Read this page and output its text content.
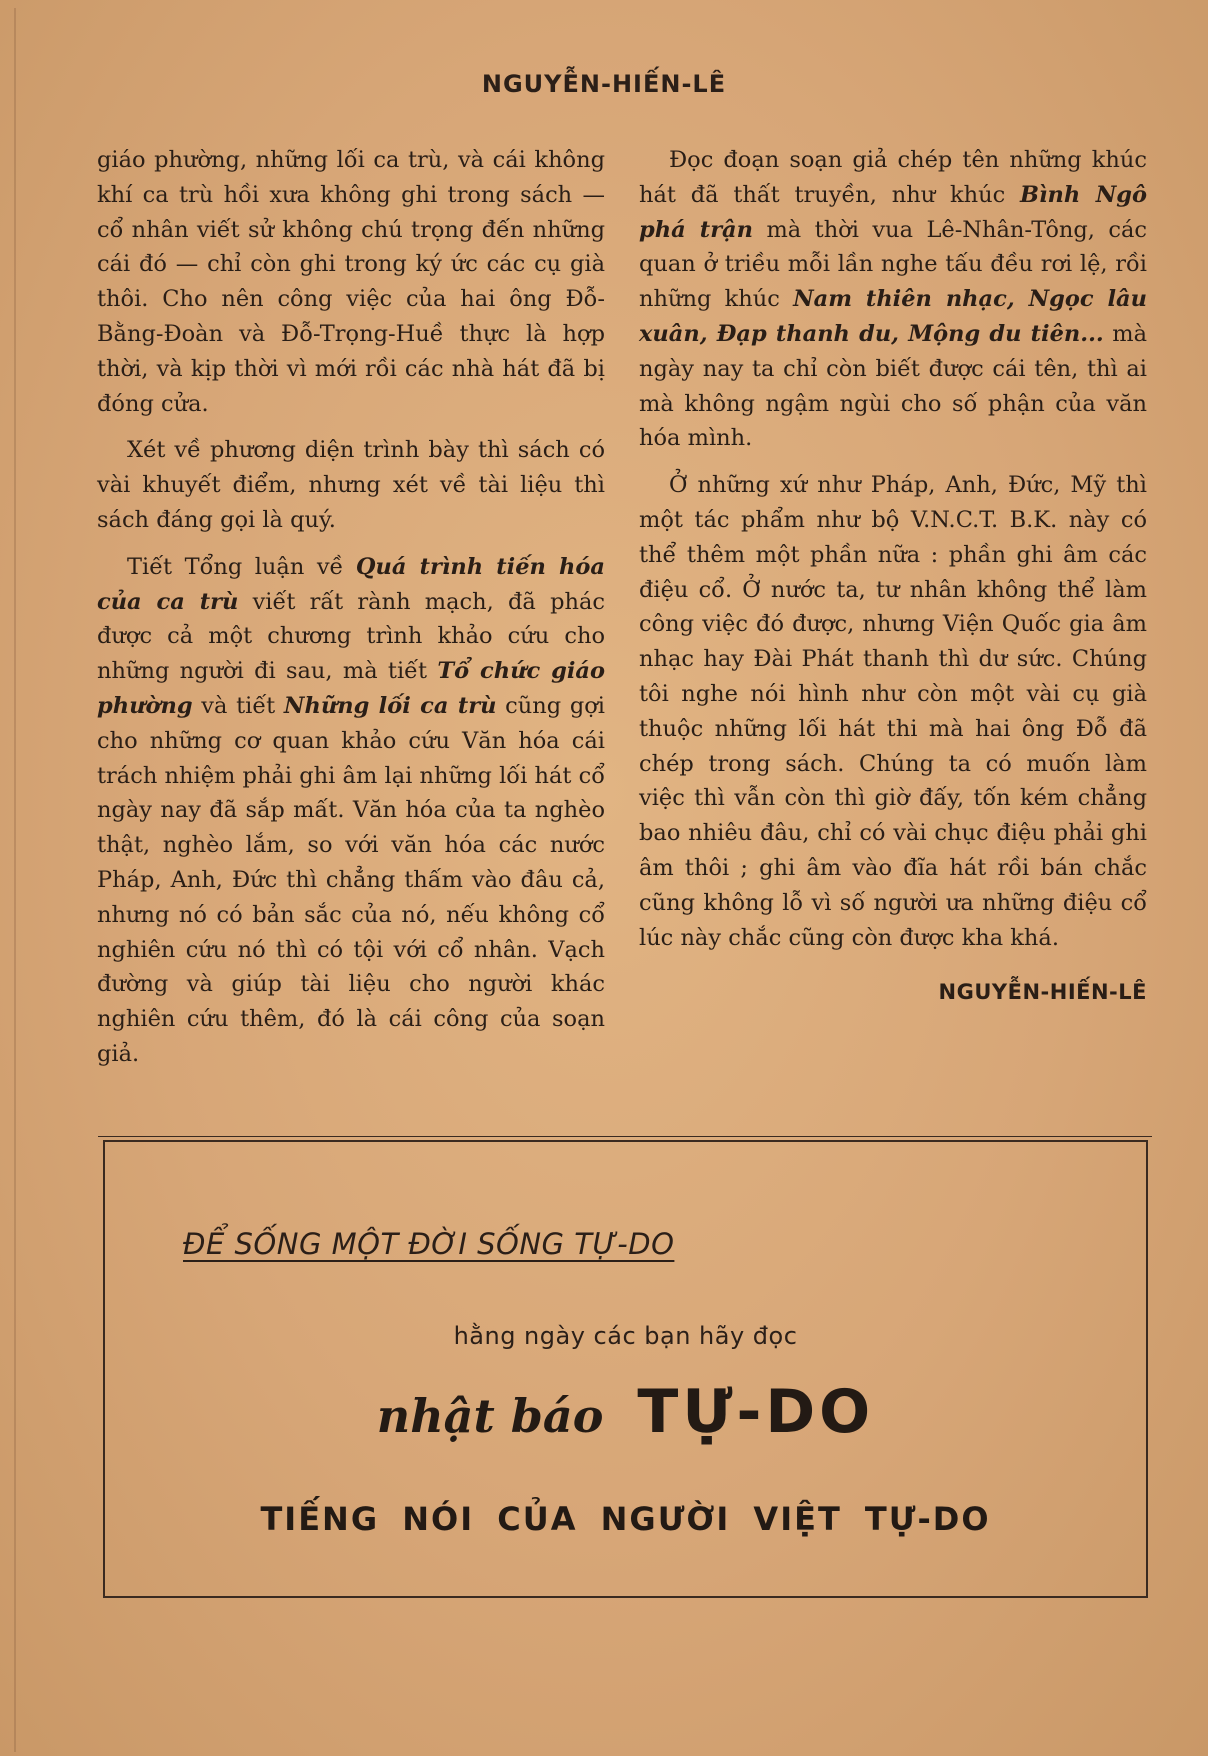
NGUYỄN-HIẾN-LÊ

giáo phường, những lối ca trù, và cái không khí ca trù hồi xưa không ghi trong sách — cổ nhân viết sử không chú trọng đến những cái đó — chỉ còn ghi trong ký ức các cụ già thôi. Cho nên công việc của hai ông Đỗ-Bằng-Đoàn và Đỗ-Trọng-Huề thực là hợp thời, và kịp thời vì mới rồi các nhà hát đã bị đóng cửa.

Xét về phương diện trình bày thì sách có vài khuyết điểm, nhưng xét về tài liệu thì sách đáng gọi là quý.

Tiết Tổng luận về Quá trình tiến hóa của ca trù viết rất rành mạch, đã phác được cả một chương trình khảo cứu cho những người đi sau, mà tiết Tổ chức giáo phường và tiết Những lối ca trù cũng gợi cho những cơ quan khảo cứu Văn hóa cái trách nhiệm phải ghi âm lại những lối hát cổ ngày nay đã sắp mất. Văn hóa của ta nghèo thật, nghèo lắm, so với văn hóa các nước Pháp, Anh, Đức thì chẳng thấm vào đâu cả, nhưng nó có bản sắc của nó, nếu không cổ nghiên cứu nó thì có tội với cổ nhân. Vạch đường và giúp tài liệu cho người khác nghiên cứu thêm, đó là cái công của soạn giả.

Đọc đoạn soạn giả chép tên những khúc hát đã thất truyền, như khúc Bình Ngô phá trận mà thời vua Lê-Nhân-Tông, các quan ở triều mỗi lần nghe tấu đều rơi lệ, rồi những khúc Nam thiên nhạc, Ngọc lâu xuân, Đạp thanh du, Mộng du tiên... mà ngày nay ta chỉ còn biết được cái tên, thì ai mà không ngậm ngùi cho số phận của văn hóa mình.

Ở những xứ như Pháp, Anh, Đức, Mỹ thì một tác phẩm như bộ V.N.C.T. B.K. này có thể thêm một phần nữa : phần ghi âm các điệu cổ. Ở nước ta, tư nhân không thể làm công việc đó được, nhưng Viện Quốc gia âm nhạc hay Đài Phát thanh thì dư sức. Chúng tôi nghe nói hình như còn một vài cụ già thuộc những lối hát thi mà hai ông Đỗ đã chép trong sách. Chúng ta có muốn làm việc thì vẫn còn thì giờ đấy, tốn kém chẳng bao nhiêu đâu, chỉ có vài chục điệu phải ghi âm thôi ; ghi âm vào đĩa hát rồi bán chắc cũng không lỗ vì số người ưa những điệu cổ lúc này chắc cũng còn được kha khá.

NGUYỄN-HIẾN-LÊ
ĐỂ SỐNG MỘT ĐỜI SỐNG TỰ-DO
hằng ngày các bạn hãy đọc
nhật báo TỰ-DO
TIẾNG NÓI CỦA NGƯỜI VIỆT TỰ-DO
